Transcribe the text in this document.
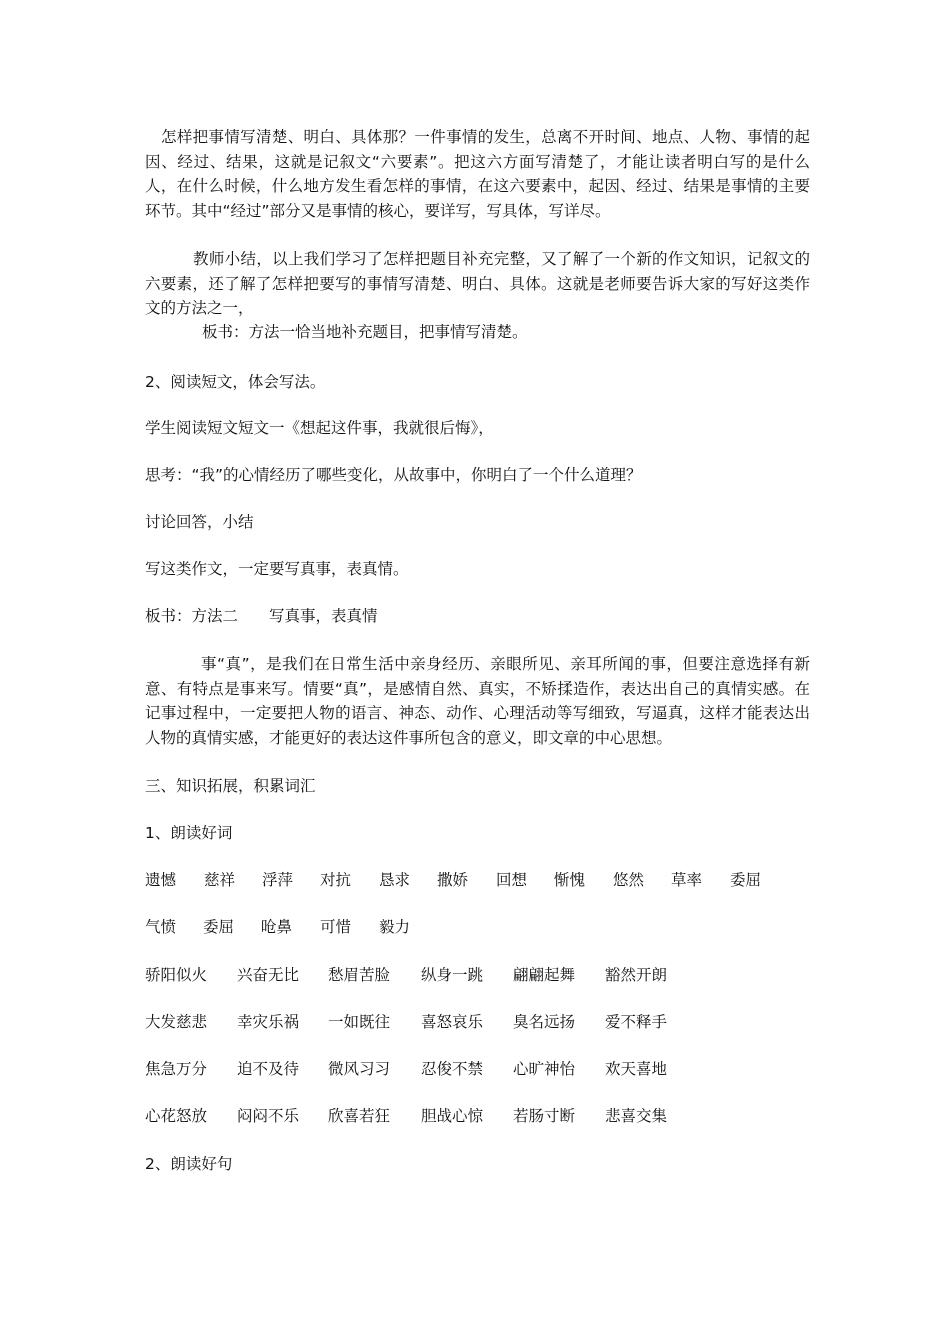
怎样把事情写清楚、明白、具体那？一件事情的发生，总离不开时间、地点、人物、事情的起因、经过、结果，这就是记叙文“六要素”。把这六方面写清楚了，才能让读者明白写的是什么人，在什么时候，什么地方发生看怎样的事情，在这六要素中，起因、经过、结果是事情的主要环节。其中“经过”部分又是事情的核心，要详写，写具体，写详尽。

教师小结，以上我们学习了怎样把题目补充完整，又了解了一个新的作文知识，记叙文的六要素，还了解了怎样把要写的事情写清楚、明白、具体。这就是老师要告诉大家的写好这类作文的方法之一，

板书：方法一恰当地补充题目，把事情写清楚。

2、阅读短文，体会写法。

学生阅读短文短文一《想起这件事，我就很后悔》，

思考：“我”的心情经历了哪些变化，从故事中，你明白了一个什么道理？

讨论回答，小结

写这类作文，一定要写真事，表真情。

板书：方法二　　写真事，表真情

事“真”，是我们在日常生活中亲身经历、亲眼所见、亲耳所闻的事，但要注意选择有新意、有特点是事来写。情要“真”，是感情自然、真实，不矫揉造作，表达出自己的真情实感。在记事过程中，一定要把人物的语言、神态、动作、心理活动等写细致，写逼真，这样才能表达出人物的真情实感，才能更好的表达这件事所包含的意义，即文章的中心思想。

三、知识拓展，积累词汇

1、朗读好词

遗憾 慈祥 浮萍 对抗 恳求 撒娇 回想 惭愧 悠然 草率 委屈
气愤 委屈 呛鼻 可惜 毅力
骄阳似火 兴奋无比 愁眉苦脸 纵身一跳 翩翩起舞 豁然开朗
大发慈悲 幸灾乐祸 一如既往 喜怒哀乐 臭名远扬 爱不释手
焦急万分 迫不及待 微风习习 忍俊不禁 心旷神怡 欢天喜地
心花怒放 闷闷不乐 欣喜若狂 胆战心惊 若肠寸断 悲喜交集

2、朗读好句
